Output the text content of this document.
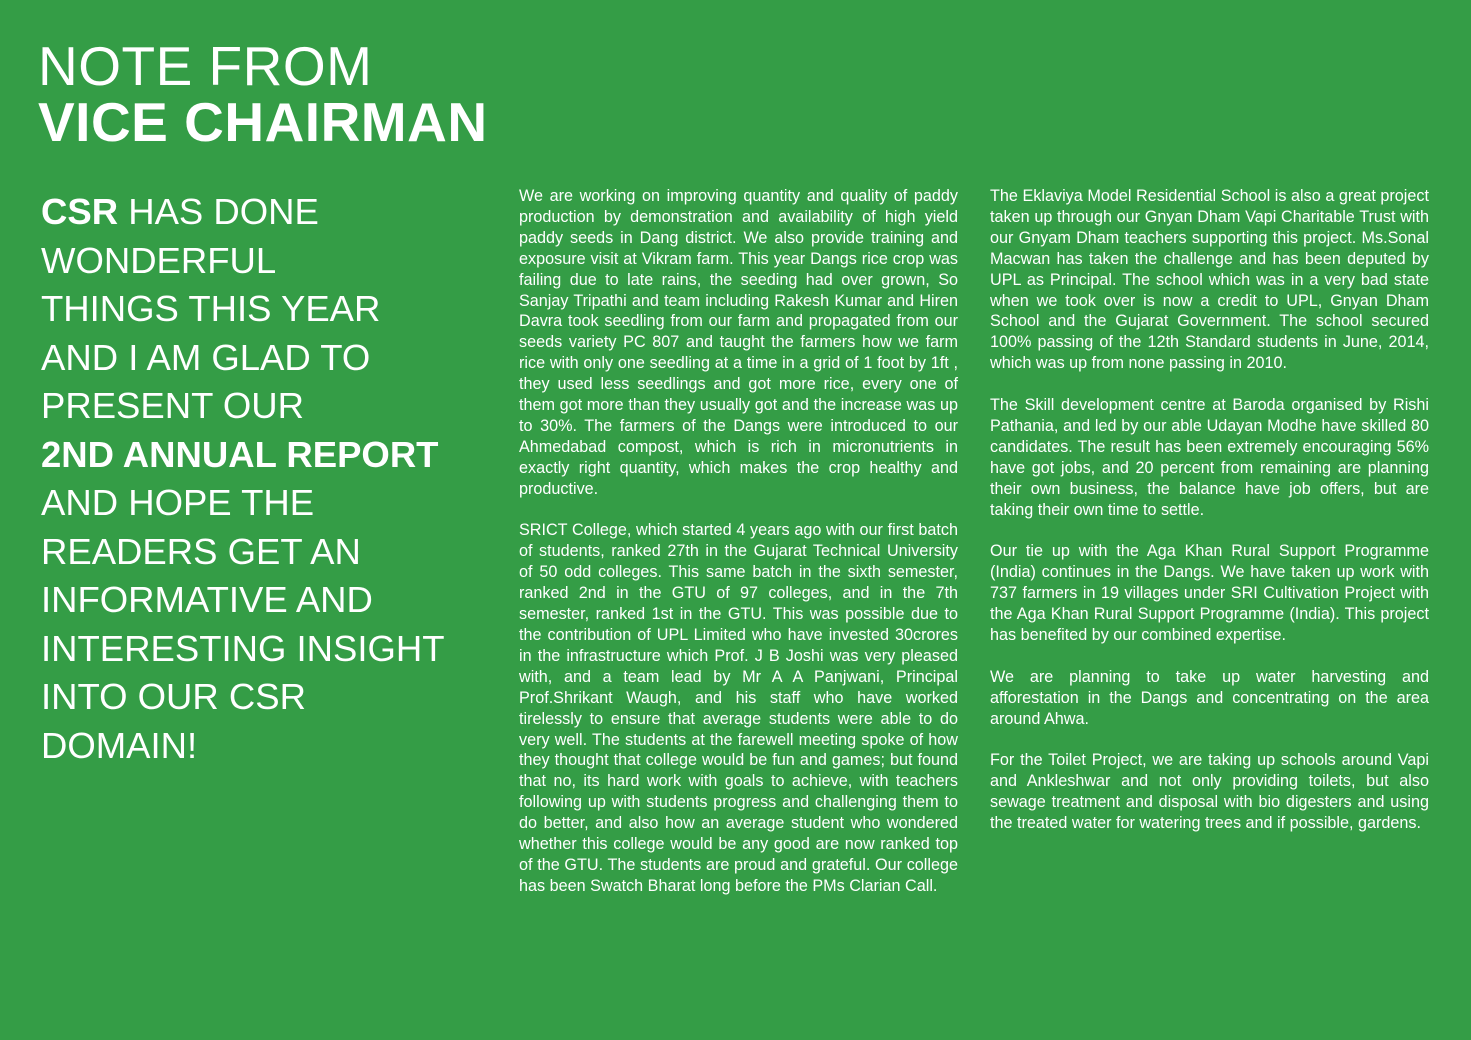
NOTE FROM
VICE CHAIRMAN
CSR HAS DONE
WONDERFUL
THINGS THIS YEAR
AND I AM GLAD TO
PRESENT OUR
2ND ANNUAL REPORT
AND HOPE THE
READERS GET AN
INFORMATIVE AND
INTERESTING INSIGHT
INTO OUR CSR
DOMAIN!

We are working on improving quantity and quality of paddy production by demonstration and availability of high yield paddy seeds in Dang district. We also provide training and exposure visit at Vikram farm. This year Dangs rice crop was failing due to late rains, the seeding had over grown, So Sanjay Tripathi and team including Rakesh Kumar and Hiren Davra took seedling from our farm and propagated from our seeds variety PC 807 and taught the farmers how we farm rice with only one seedling at a time in a grid of 1 foot by 1ft , they used less seedlings and got more rice, every one of them got more than they usually got and the increase was up to 30%. The farmers of the Dangs were introduced to our Ahmedabad compost, which is rich in micronutrients in exactly right quantity, which makes the crop healthy and productive.

SRICT College, which started 4 years ago with our first batch of students, ranked 27th in the Gujarat Technical University of 50 odd colleges. This same batch in the sixth semester, ranked 2nd in the GTU of 97 colleges, and in the 7th semester, ranked 1st in the GTU. This was possible due to the contribution of UPL Limited who have invested 30crores in the infrastructure which Prof. J B Joshi was very pleased with, and a team lead by Mr A A Panjwani, Principal Prof.Shrikant Waugh, and his staff who have worked tirelessly to ensure that average students were able to do very well. The students at the farewell meeting spoke of how they thought that college would be fun and games; but found that no, its hard work with goals to achieve, with teachers following up with students progress and challenging them to do better, and also how an average student who wondered whether this college would be any good are now ranked top of the GTU. The students are proud and grateful. Our college has been Swatch Bharat long before the PMs Clarian Call.

The Eklaviya Model Residential School is also a great project taken up through our Gnyan Dham Vapi Charitable Trust with our Gnyam Dham teachers supporting this project. Ms.Sonal Macwan has taken the challenge and has been deputed by UPL as Principal. The school which was in a very bad state when we took over is now a credit to UPL, Gnyan Dham School and the Gujarat Government. The school secured 100% passing of the 12th Standard students in June, 2014, which was up from none passing in 2010.

The Skill development centre at Baroda organised by Rishi Pathania, and led by our able Udayan Modhe have skilled 80 candidates. The result has been extremely encouraging 56% have got jobs, and 20 percent from remaining are planning their own business, the balance have job offers, but are taking their own time to settle.

Our tie up with the Aga Khan Rural Support Programme (India) continues in the Dangs. We have taken up work with 737 farmers in 19 villages under SRI Cultivation Project with the Aga Khan Rural Support Programme (India). This project has benefited by our combined expertise.

We are planning to take up water harvesting and afforestation in the Dangs and concentrating on the area around Ahwa.

For the Toilet Project, we are taking up schools around Vapi and Ankleshwar and not only providing toilets, but also sewage treatment and disposal with bio digesters and using the treated water for watering trees and if possible, gardens.
